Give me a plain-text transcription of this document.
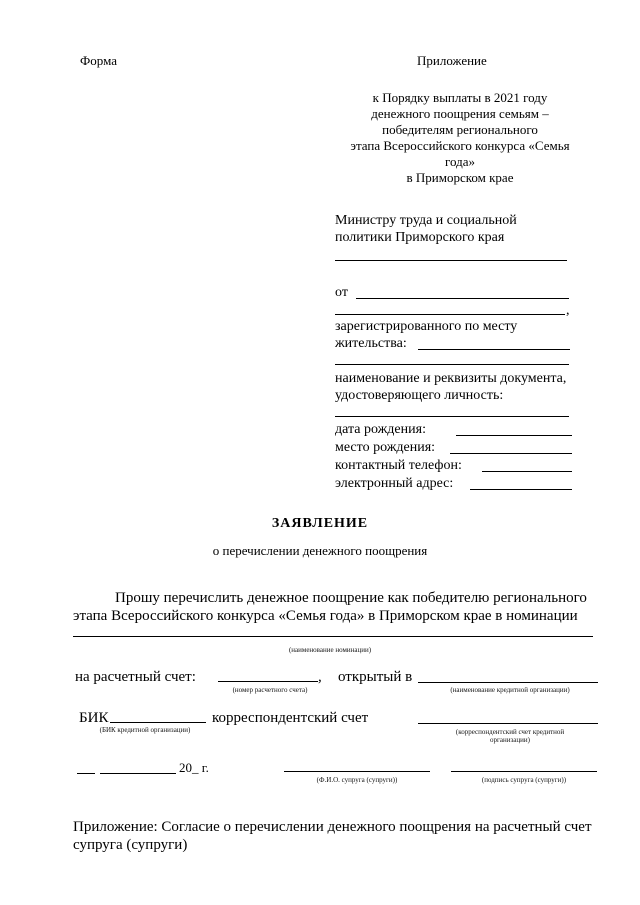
Форма	Приложение
к Порядку выплаты в 2021 году
денежного поощрения семьям –
победителям регионального
этапа Всероссийского конкурса «Семья
года»
в Приморском крае
Министру труда и социальной
политики Приморского края
от
,
зарегистрированного по месту
жительства:
наименование и реквизиты документа,
удостоверяющего личность:
дата рождения:
место рождения:
контактный телефон:
электронный адрес:
ЗАЯВЛЕНИЕ
о перечислении денежного поощрения
Прошу перечислить денежное поощрение как победителю регионального
этапа Всероссийского конкурса «Семья года» в Приморском крае в номинации
(наименование номинации)
на расчетный счет:	, открытый в
(номер расчетного счета)	(наименование кредитной организации)
БИК	корреспондентский счет
(БИК кредитной организации)	(корреспондентский счет кредитной
организации)
20_ г.
(Ф.И.О. супруга (супруги))	(подпись супруга (супруги))
Приложение: Согласие о перечислении денежного поощрения на расчетный счет
супруга (супруги)
